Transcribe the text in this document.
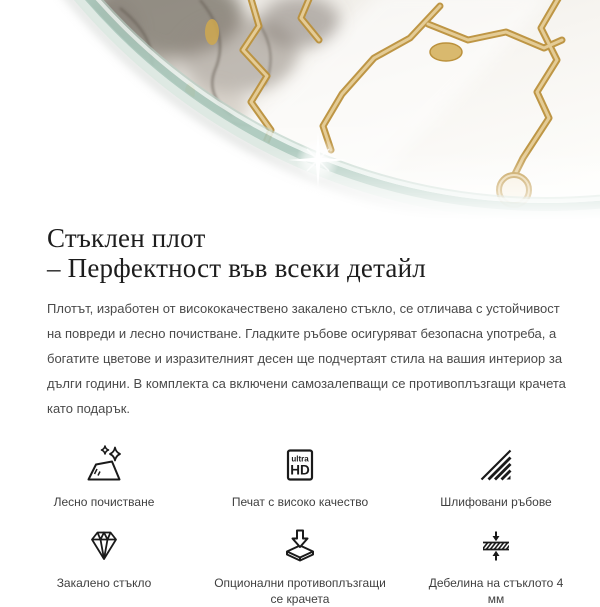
Стъклен плот
– Перфектност във всеки детайл

Плотът, изработен от висококачествено закалено стъкло, се отличава с устойчивост на повреди и лесно почистване. Гладките ръбове осигуряват безопасна употреба, а богатите цветове и изразителният десен ще подчертаят стила на вашия интериор за дълги години. В комплекта са включени самозалепващи се противоплъзгащи крачета като подарък.

Лесно почистване
ultra
HD
Печат с високо качество	Шлифовани ръбове
Закалено стъкло	Опционални противоплъзгащи се крачета
Дебелина на стъклото 4 мм
